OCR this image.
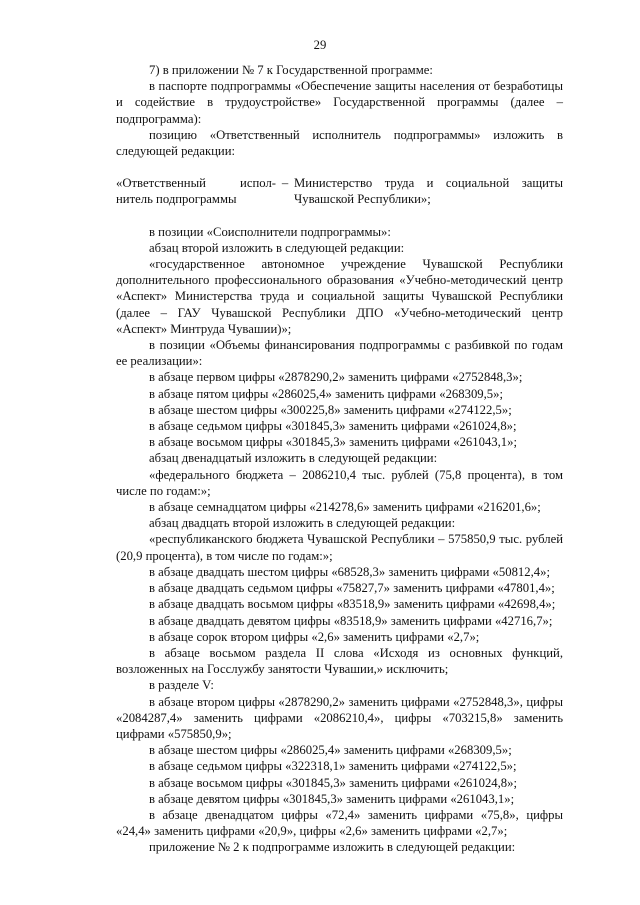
29

7) в приложении № 7 к Государственной программе:

в паспорте подпрограммы «Обеспечение защиты населения от безработицы и содействие в трудоустройстве» Государственной программы (далее – подпрограмма):

позицию «Ответственный исполнитель подпрограммы» изложить в следующей редакции:

«Ответственный испол-
нитель подпрограммы
– Министерство труда и социальной защиты Чувашской Республики»;

в позиции «Соисполнители подпрограммы»:

абзац второй изложить в следующей редакции:

«государственное автономное учреждение Чувашской Республики дополнительного профессионального образования «Учебно-методический центр «Аспект» Министерства труда и социальной защиты Чувашской Республики (далее – ГАУ Чувашской Республики ДПО «Учебно-методический центр «Аспект» Минтруда Чувашии)»;

в позиции «Объемы финансирования подпрограммы с разбивкой по годам ее реализации»:

в абзаце первом цифры «2878290,2» заменить цифрами «2752848,3»;

в абзаце пятом цифры «286025,4» заменить цифрами «268309,5»;

в абзаце шестом цифры «300225,8» заменить цифрами «274122,5»;

в абзаце седьмом цифры «301845,3» заменить цифрами «261024,8»;

в абзаце восьмом цифры «301845,3» заменить цифрами «261043,1»;

абзац двенадцатый изложить в следующей редакции:

«федерального бюджета – 2086210,4 тыс. рублей (75,8 процента), в том числе по годам:»;

в абзаце семнадцатом цифры «214278,6» заменить цифрами «216201,6»;

абзац двадцать второй изложить в следующей редакции:

«республиканского бюджета Чувашской Республики – 575850,9 тыс. рублей (20,9 процента), в том числе по годам:»;

в абзаце двадцать шестом цифры «68528,3» заменить цифрами «50812,4»;

в абзаце двадцать седьмом цифры «75827,7» заменить цифрами «47801,4»;

в абзаце двадцать восьмом цифры «83518,9» заменить цифрами «42698,4»;

в абзаце двадцать девятом цифры «83518,9» заменить цифрами «42716,7»;

в абзаце сорок втором цифры «2,6» заменить цифрами «2,7»;

в абзаце восьмом раздела II слова «Исходя из основных функций, возложенных на Госслужбу занятости Чувашии,» исключить;

в разделе V:

в абзаце втором цифры «2878290,2» заменить цифрами «2752848,3», цифры «2084287,4» заменить цифрами «2086210,4», цифры «703215,8» заменить цифрами «575850,9»;

в абзаце шестом цифры «286025,4» заменить цифрами «268309,5»;

в абзаце седьмом цифры «322318,1» заменить цифрами «274122,5»;

в абзаце восьмом цифры «301845,3» заменить цифрами «261024,8»;

в абзаце девятом цифры «301845,3» заменить цифрами «261043,1»;

в абзаце двенадцатом цифры «72,4» заменить цифрами «75,8», цифры «24,4» заменить цифрами «20,9», цифры «2,6» заменить цифрами «2,7»;

приложение № 2 к подпрограмме изложить в следующей редакции:
